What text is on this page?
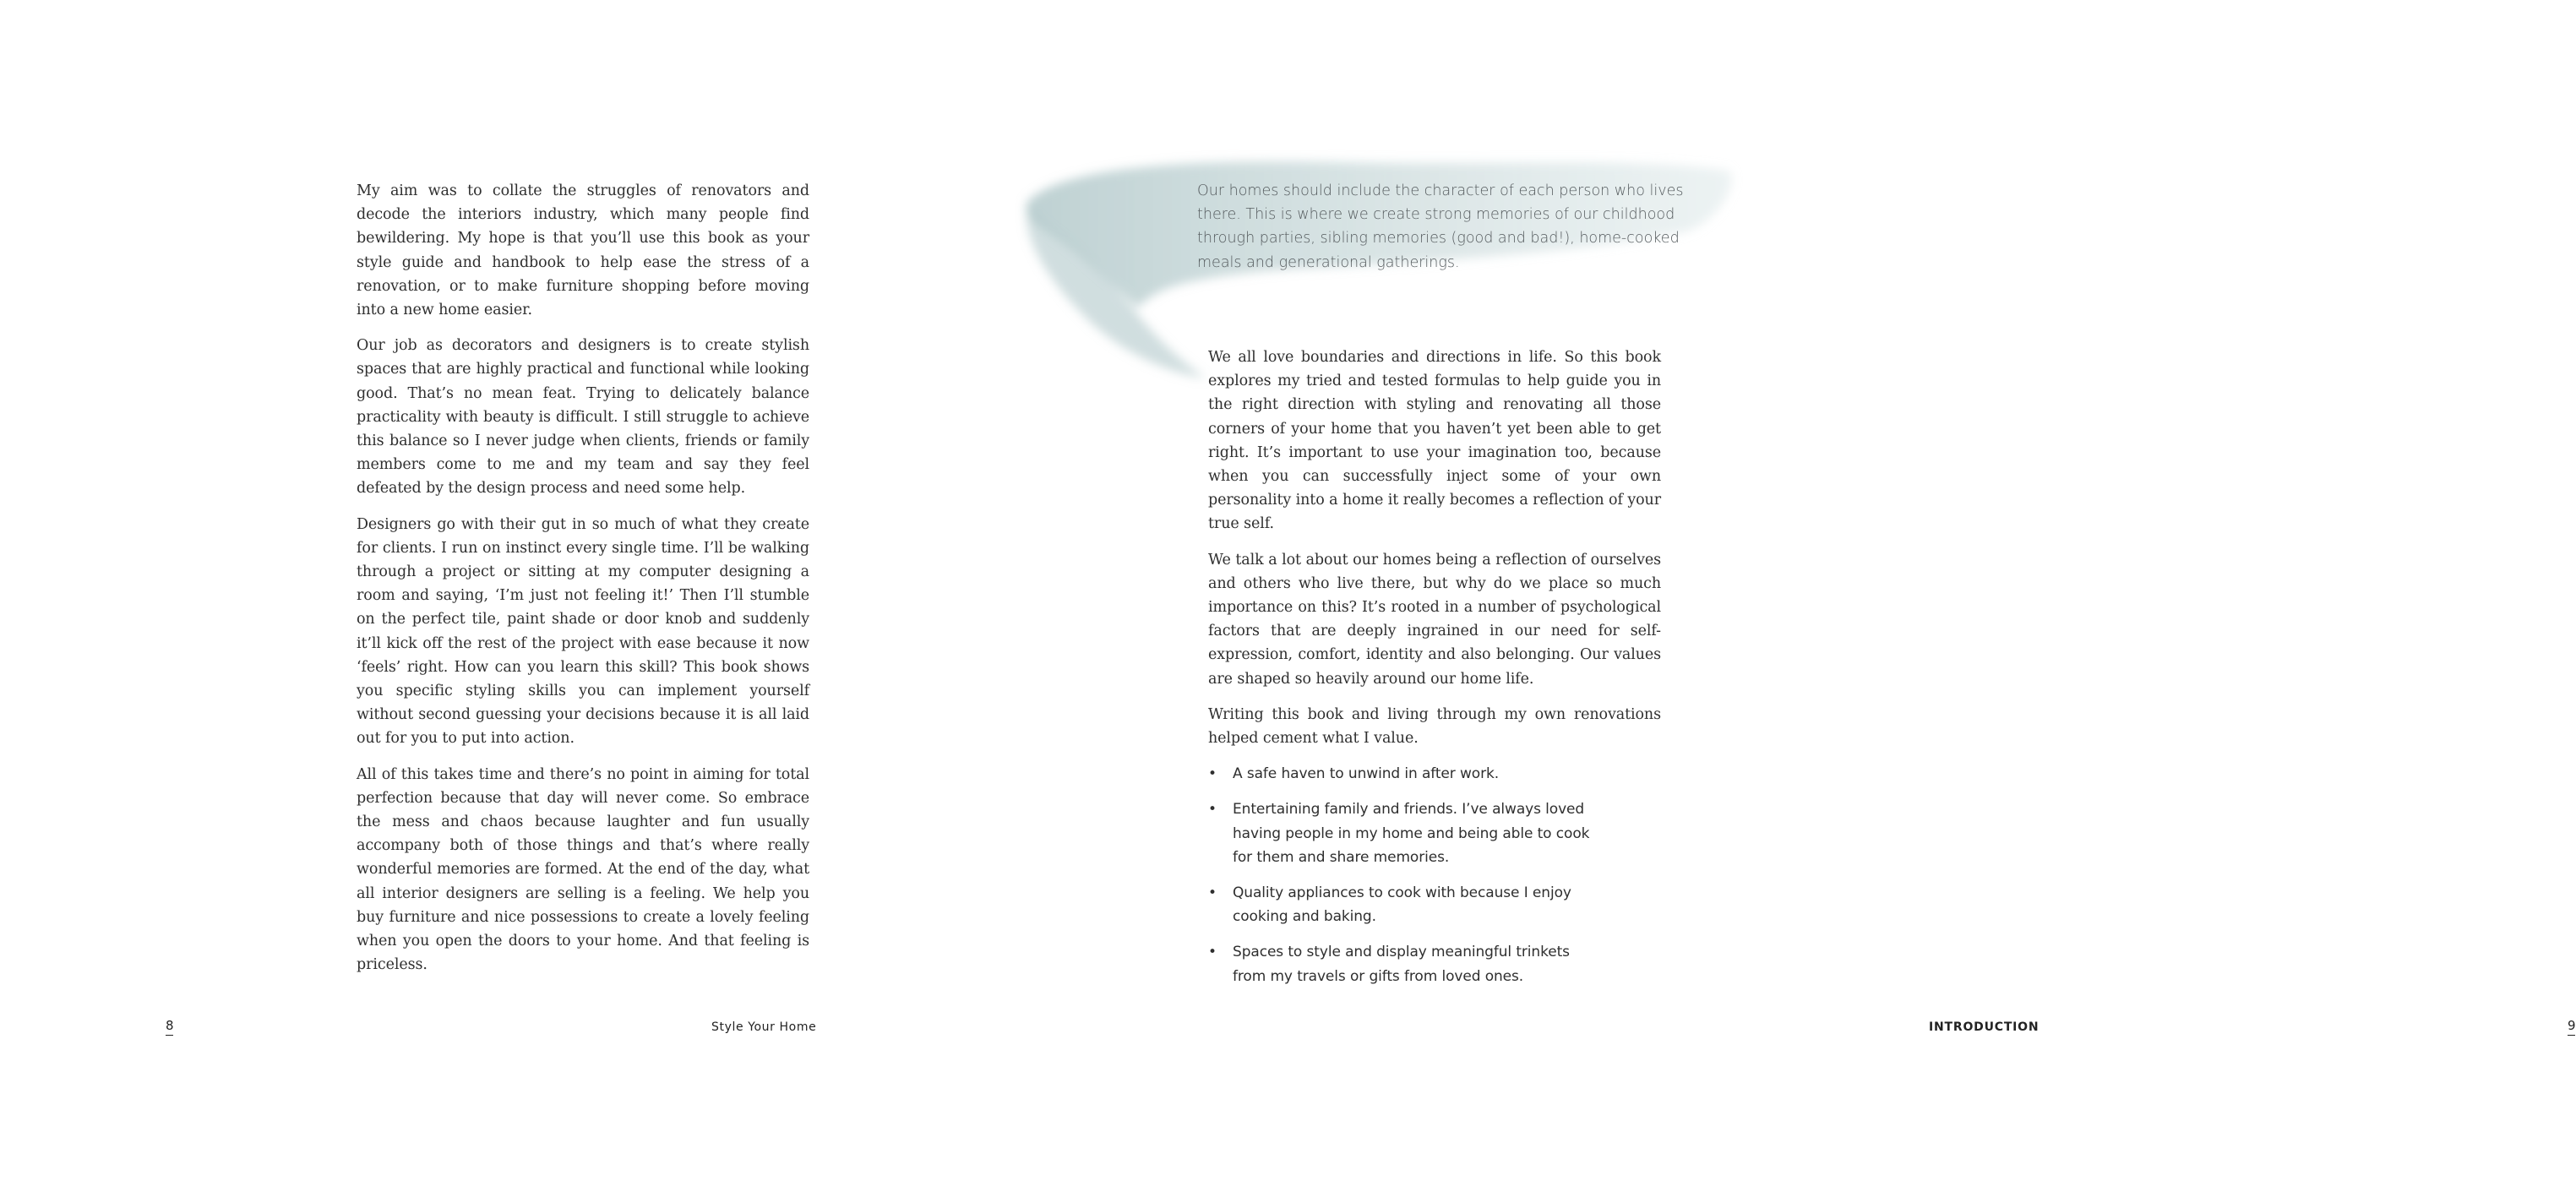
My aim was to collate the struggles of renovators and decode the interiors industry, which many people find bewildering. My hope is that you’ll use this book as your style guide and handbook to help ease the stress of a renovation, or to make furniture shopping before moving into a new home easier.

Our job as decorators and designers is to create stylish spaces that are highly practical and functional while looking good. That’s no mean feat. Trying to delicately balance practicality with beauty is difficult. I still struggle to achieve this balance so I never judge when clients, friends or family members come to me and my team and say they feel defeated by the design process and need some help.

Designers go with their gut in so much of what they create for clients. I run on instinct every single time. I’ll be walking through a project or sitting at my computer designing a room and saying, ‘I’m just not feeling it!’ Then I’ll stumble on the perfect tile, paint shade or door knob and suddenly it’ll kick off the rest of the project with ease because it now ‘feels’ right. How can you learn this skill? This book shows you specific styling skills you can implement yourself without second guessing your decisions because it is all laid out for you to put into action.

All of this takes time and there’s no point in aiming for total perfection because that day will never come. So embrace the mess and chaos because laughter and fun usually accompany both of those things and that’s where really wonderful memories are formed. At the end of the day, what all interior designers are selling is a feeling. We help you buy furniture and nice possessions to create a lovely feeling when you open the doors to your home. And that feeling is priceless.

8	Style Your Home
Our homes should include the character of each person who lives there. This is where we create strong memories of our childhood through parties, sibling memories (good and bad!), home-cooked meals and generational gatherings.

We all love boundaries and directions in life. So this book explores my tried and tested formulas to help guide you in the right direction with styling and renovating all those corners of your home that you haven’t yet been able to get right. It’s important to use your imagination too, because when you can successfully inject some of your own personality into a home it really becomes a reflection of your true self.

We talk a lot about our homes being a reflection of ourselves and others who live there, but why do we place so much importance on this? It’s rooted in a number of psychological factors that are deeply ingrained in our need for self-expression, comfort, identity and also belonging. Our values are shaped so heavily around our home life.

Writing this book and living through my own renovations helped cement what I value.

• A safe haven to unwind in after work.
• Entertaining family and friends. I’ve always loved having people in my home and being able to cook for them and share memories.
• Quality appliances to cook with because I enjoy cooking and baking.
• Spaces to style and display meaningful trinkets from my travels or gifts from loved ones.
INTRODUCTION	9
